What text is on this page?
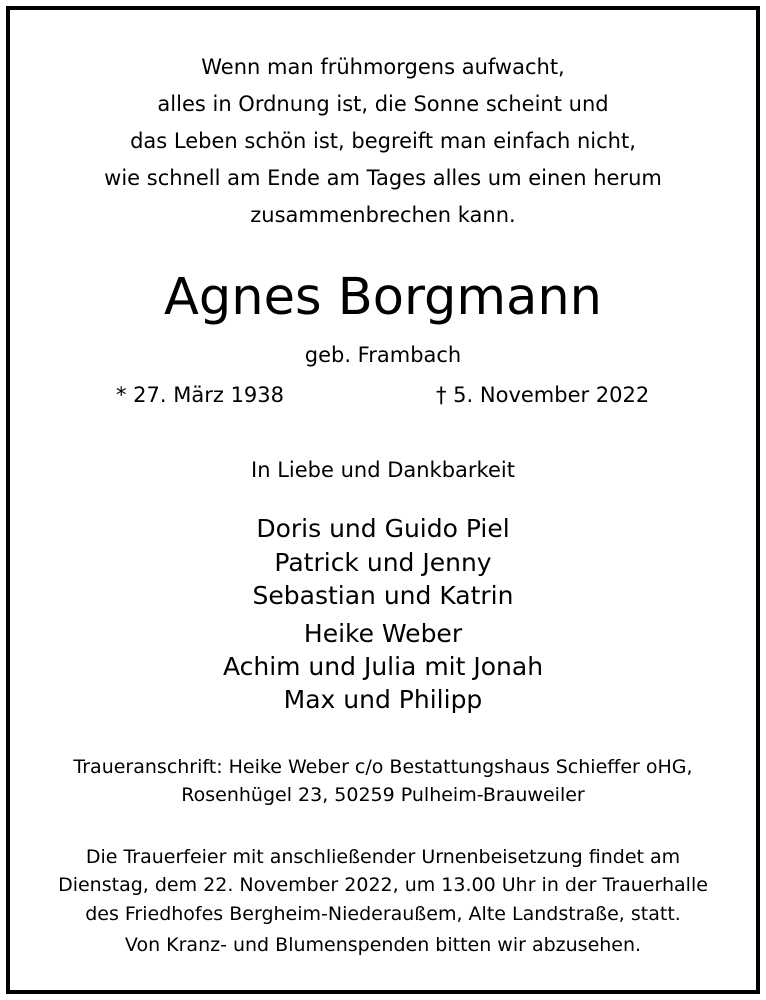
Wenn man frühmorgens aufwacht,
alles in Ordnung ist, die Sonne scheint und
das Leben schön ist, begreift man einfach nicht,
wie schnell am Ende am Tages alles um einen herum
zusammenbrechen kann.
Agnes Borgmann
geb. Frambach
* 27. März 1938	† 5. November 2022
In Liebe und Dankbarkeit
Doris und Guido Piel
Patrick und Jenny
Sebastian und Katrin
Heike Weber
Achim und Julia mit Jonah
Max und Philipp
Traueranschrift: Heike Weber c/o Bestattungshaus Schieffer oHG,
Rosenhügel 23, 50259 Pulheim-Brauweiler
Die Trauerfeier mit anschließender Urnenbeisetzung findet am
Dienstag, dem 22. November 2022, um 13.00 Uhr in der Trauerhalle
des Friedhofes Bergheim-Niederaußem, Alte Landstraße, statt.
Von Kranz- und Blumenspenden bitten wir abzusehen.
